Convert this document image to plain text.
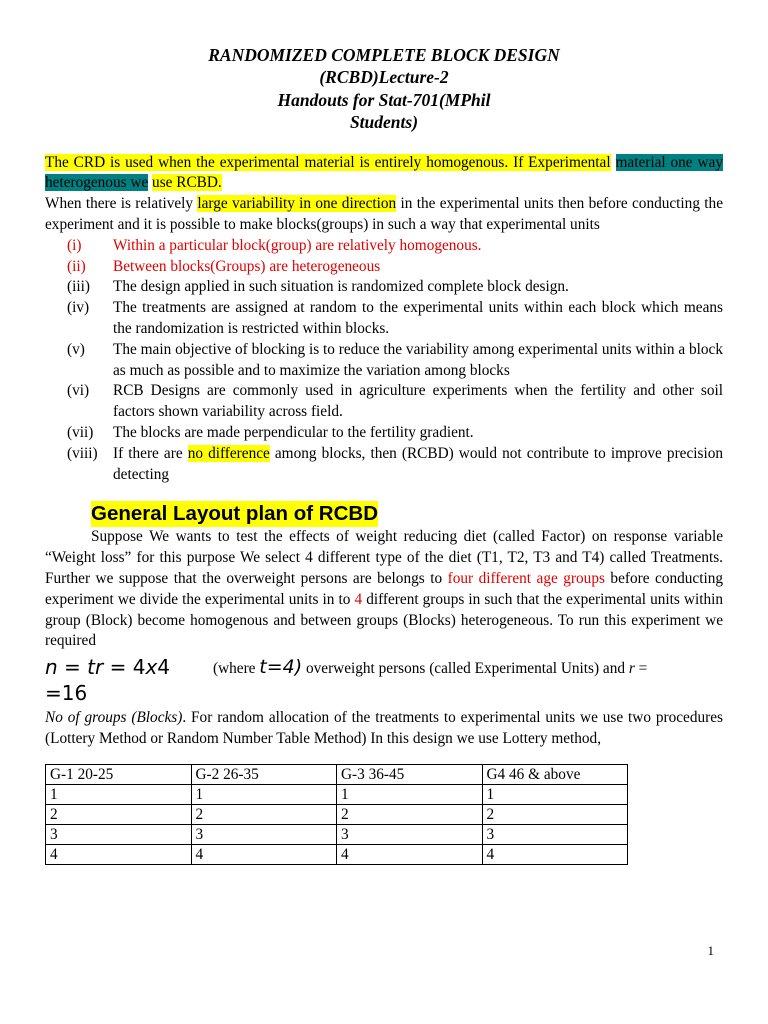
RANDOMIZED COMPLETE BLOCK DESIGN
(RCBD)Lecture-2
Handouts for Stat-701(MPhil
Students)

The CRD is used when the experimental material is entirely homogenous. If Experimental material one way heterogenous we use RCBD.

When there is relatively large variability in one direction in the experimental units then before conducting the experiment and it is possible to make blocks(groups) in such a way that experimental units

(i) Within a particular block(group) are relatively homogenous.
(ii) Between blocks(Groups) are heterogeneous
(iii) The design applied in such situation is randomized complete block design.
(iv) The treatments are assigned at random to the experimental units within each block which means the randomization is restricted within blocks.
(v) The main objective of blocking is to reduce the variability among experimental units within a block as much as possible and to maximize the variation among blocks
(vi) RCB Designs are commonly used in agriculture experiments when the fertility and other soil factors shown variability across field.
(vii) The blocks are made perpendicular to the fertility gradient.
(viii) If there are no difference among blocks, then (RCBD) would not contribute to improve precision detecting
General Layout plan of RCBD

Suppose We wants to test the effects of weight reducing diet (called Factor) on response variable “Weight loss” for this purpose We select 4 different type of the diet (T1, T2, T3 and T4) called Treatments. Further we suppose that the overweight persons are belongs to four different age groups before conducting experiment we divide the experimental units in to 4 different groups in such that the experimental units within group (Block) become homogenous and between groups (Blocks) heterogeneous. To run this experiment we required

n = tr = 4x4
=16
(where t=4) overweight persons (called Experimental Units) and r =

No of groups (Blocks). For random allocation of the treatments to experimental units we use two procedures (Lottery Method or Random Number Table Method) In this design we use Lottery method,

G-1 20-25	G-2 26-35	G-3 36-45	G4 46 & above
1	1	1	1
2	2	2	2
3	3	3	3
4	4	4	4
1
